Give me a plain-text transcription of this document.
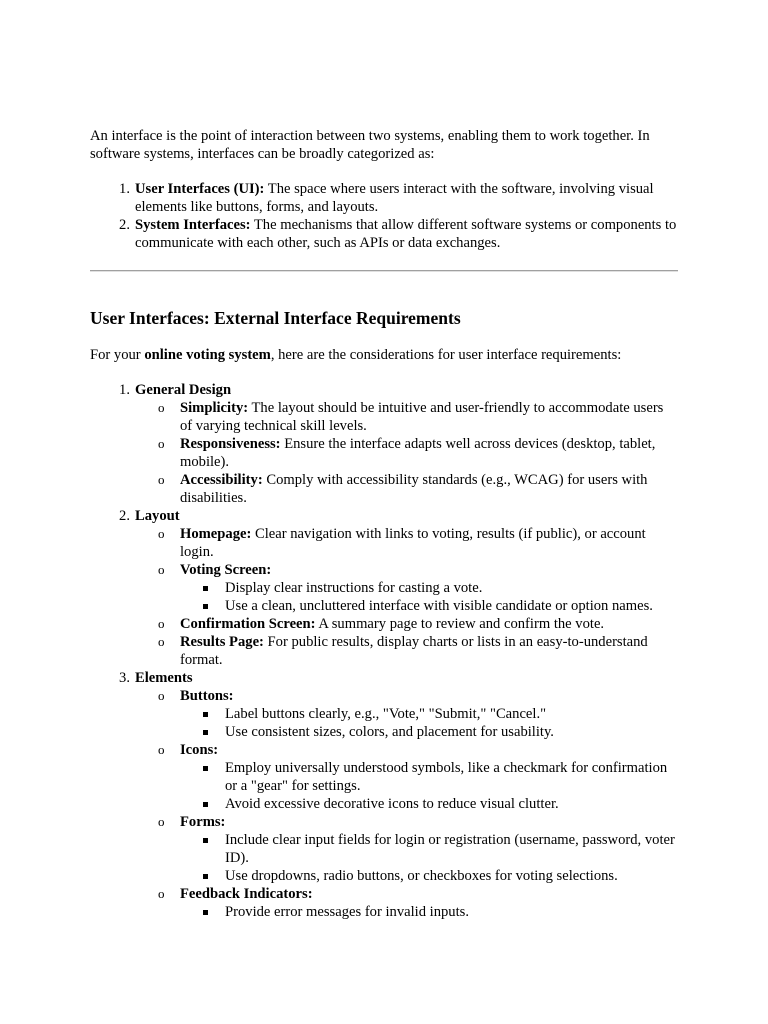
An interface is the point of interaction between two systems, enabling them to work together. In software systems, interfaces can be broadly categorized as:

1. User Interfaces (UI): The space where users interact with the software, involving visual elements like buttons, forms, and layouts.
2. System Interfaces: The mechanisms that allow different software systems or components to communicate with each other, such as APIs or data exchanges.
User Interfaces: External Interface Requirements

For your online voting system, here are the considerations for user interface requirements:

1. General Design
o Simplicity: The layout should be intuitive and user-friendly to accommodate users of varying technical skill levels.
o Responsiveness: Ensure the interface adapts well across devices (desktop, tablet, mobile).
o Accessibility: Comply with accessibility standards (e.g., WCAG) for users with disabilities.
2. Layout
o Homepage: Clear navigation with links to voting, results (if public), or account login.
o Voting Screen:
Display clear instructions for casting a vote.
Use a clean, uncluttered interface with visible candidate or option names.
o Confirmation Screen: A summary page to review and confirm the vote.
o Results Page: For public results, display charts or lists in an easy-to-understand format.
3. Elements
o Buttons:
Label buttons clearly, e.g., "Vote," "Submit," "Cancel."
Use consistent sizes, colors, and placement for usability.
o Icons:
Employ universally understood symbols, like a checkmark for confirmation or a "gear" for settings.
Avoid excessive decorative icons to reduce visual clutter.
o Forms:
Include clear input fields for login or registration (username, password, voter ID).
Use dropdowns, radio buttons, or checkboxes for voting selections.
o Feedback Indicators:
Provide error messages for invalid inputs.
